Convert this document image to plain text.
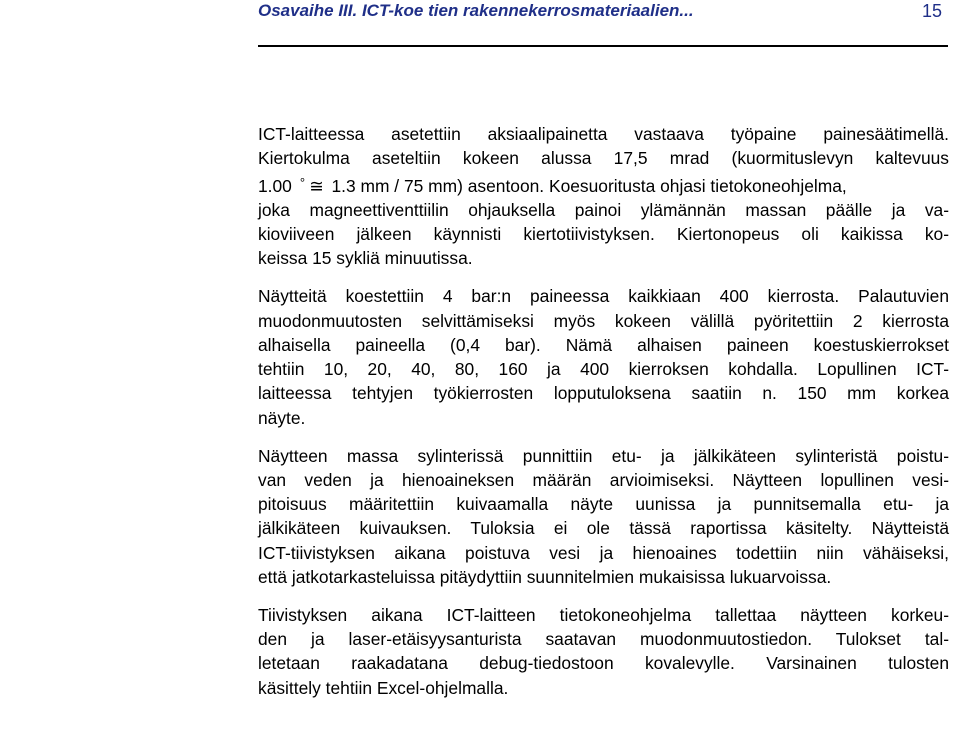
Osavaihe III. ICT-koe tien rakennekerrosmateriaalien...	15
ICT-laitteessa asetettiin aksiaalipainetta vastaava työpaine painesäätimellä.
Kiertokulma aseteltiin kokeen alussa 17,5 mrad (kuormituslevyn kaltevuus
1.00 ° ≅ 1.3 mm / 75 mm) asentoon. Koesuoritusta ohjasi tietokoneohjelma,
joka magneettiventtiilin ohjauksella painoi ylämännän massan päälle ja va-
kioviiveen jälkeen käynnisti kiertotiivistyksen. Kiertonopeus oli kaikissa ko-
keissa 15 sykliä minuutissa.
Näytteitä koestettiin 4 bar:n paineessa kaikkiaan 400 kierrosta. Palautuvien
muodonmuutosten selvittämiseksi myös kokeen välillä pyöritettiin 2 kierrosta
alhaisella paineella (0,4 bar). Nämä alhaisen paineen koestuskierrokset
tehtiin 10, 20, 40, 80, 160 ja 400 kierroksen kohdalla. Lopullinen ICT-
laitteessa tehtyjen työkierrosten lopputuloksena saatiin n. 150 mm korkea
näyte.
Näytteen massa sylinterissä punnittiin etu- ja jälkikäteen sylinteristä poistu-
van veden ja hienoaineksen määrän arvioimiseksi. Näytteen lopullinen vesi-
pitoisuus määritettiin kuivaamalla näyte uunissa ja punnitsemalla etu- ja
jälkikäteen kuivauksen. Tuloksia ei ole tässä raportissa käsitelty. Näytteistä
ICT-tiivistyksen aikana poistuva vesi ja hienoaines todettiin niin vähäiseksi,
että jatkotarkasteluissa pitäydyttiin suunnitelmien mukaisissa lukuarvoissa.
Tiivistyksen aikana ICT-laitteen tietokoneohjelma tallettaa näytteen korkeu-
den ja laser-etäisyysanturista saatavan muodonmuutostiedon. Tulokset tal-
letetaan raakadatana debug-tiedostoon kovalevylle. Varsinainen tulosten
käsittely tehtiin Excel-ohjelmalla.
